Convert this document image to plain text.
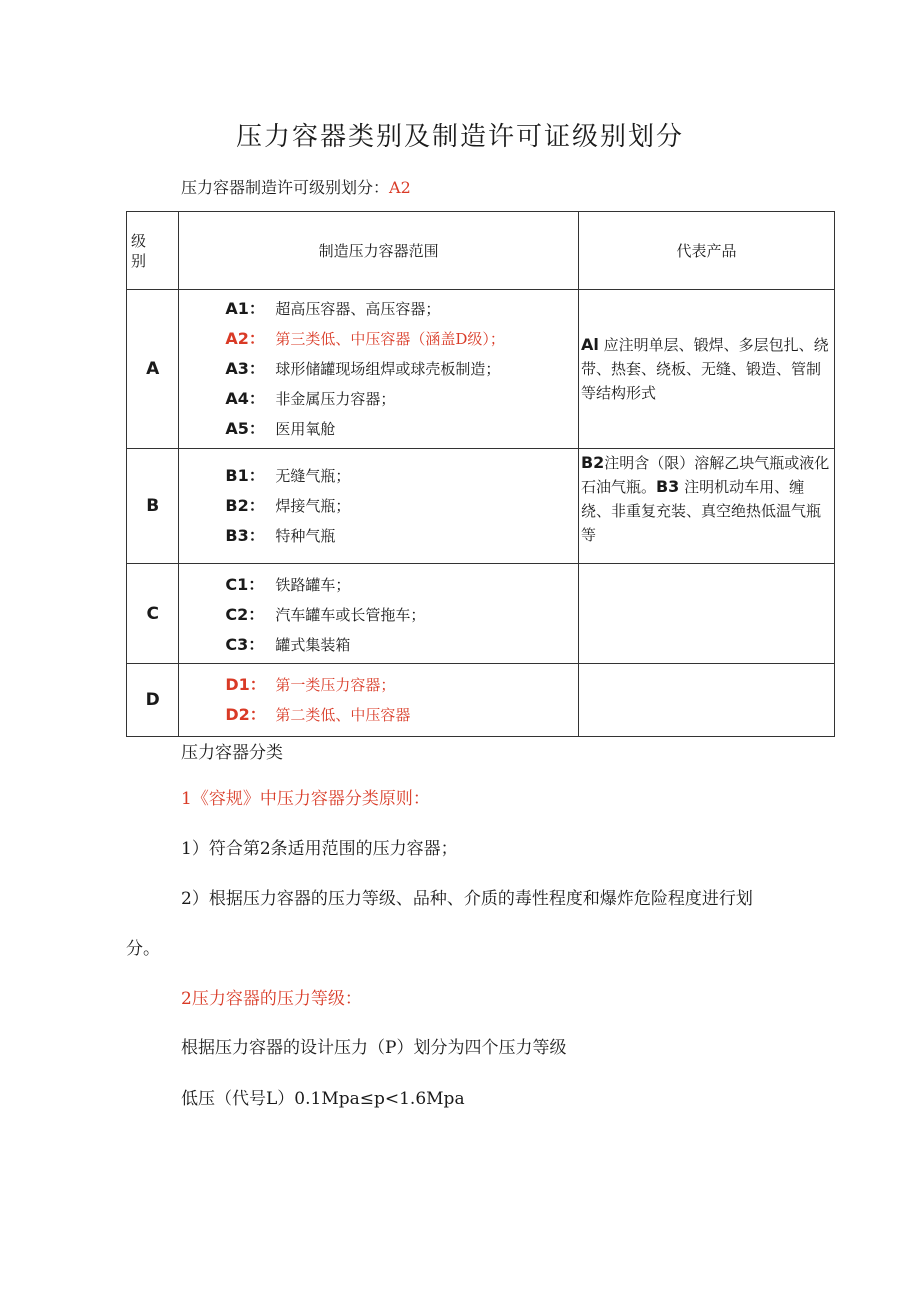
压力容器类别及制造许可证级别划分
压力容器制造许可级别划分：A2
级别	制造压力容器范围	代表产品
A	A1： 超高压容器、高压容器；
A2： 第三类低、中压容器（涵盖D级）；
A3： 球形储罐现场组焊或球壳板制造；
A4： 非金属压力容器；
A5： 医用氧舱	Al 应注明单层、锻焊、多层包扎、绕带、热套、绕板、无缝、锻造、管制等结构形式
B	B1： 无缝气瓶；
B2： 焊接气瓶；
B3： 特种气瓶	B2注明含（限）溶解乙块气瓶或液化石油气瓶。B3 注明机动车用、缠绕、非重复充装、真空绝热低温气瓶等
C	C1： 铁路罐车；
C2： 汽车罐车或长管拖车；
C3： 罐式集装箱	

D	D1： 第一类压力容器；
D2： 第二类低、中压容器	

压力容器分类
1《容规》中压力容器分类原则：
1）符合第2条适用范围的压力容器；
2）根据压力容器的压力等级、品种、介质的毒性程度和爆炸危险程度进行划
分。
2压力容器的压力等级：
根据压力容器的设计压力（P）划分为四个压力等级
低压（代号L）0.1Mpa≤p<1.6Mpa
